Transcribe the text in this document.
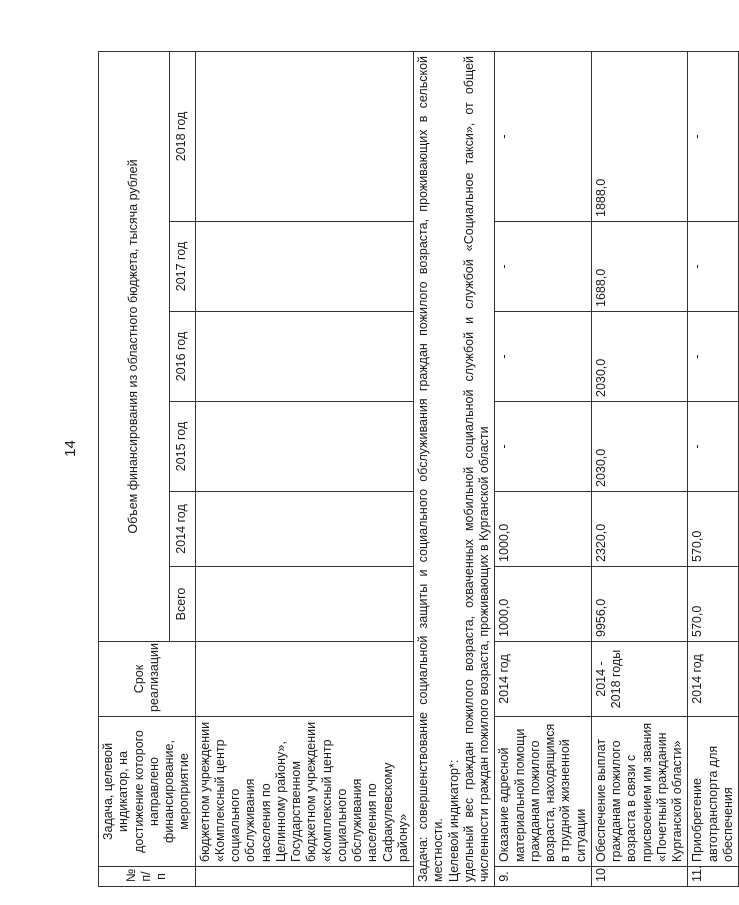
14
№ п/п	Задача, целевой индикатор, на достижение которого направлено финансирование, мероприятие	Срок реализации	Объем финансирования из областного бюджета, тысяча рублей					
			Всего	2014 год	2015 год	2016 год	2017 год	2018 год
	бюджетном учреждении «Комплексный центр социального обслуживания населения по Целинному району», Государственном бюджетном учреждении «Комплексный центр социального обслуживания населения по Сафакулевскому району»							

Задача: совершенствование социальной защиты и социального обслуживания граждан пожилого возраста, проживающих в сельской местности. Целевой индикатор*: удельный вес граждан пожилого возраста, охваченных мобильной социальной службой и службой «Социальное такси», от общей численности граждан пожилого возраста, проживающих в Курганской области								

9.	Оказание адресной материальной помощи гражданам пожилого возраста, находящимся в трудной жизненной ситуации	2014 год	1000,0	1000,0	-	-	-	-
10.	Обеспечение выплат гражданам пожилого возраста в связи с присвоением им звания «Почетный гражданин Курганской области»	2014 - 2018 годы	9956,0	2320,0	2030,0	2030,0	1688,0	1888,0
11.	Приобретение автотранспорта для обеспечения	2014 год	570,0	570,0	-	-	-	-
